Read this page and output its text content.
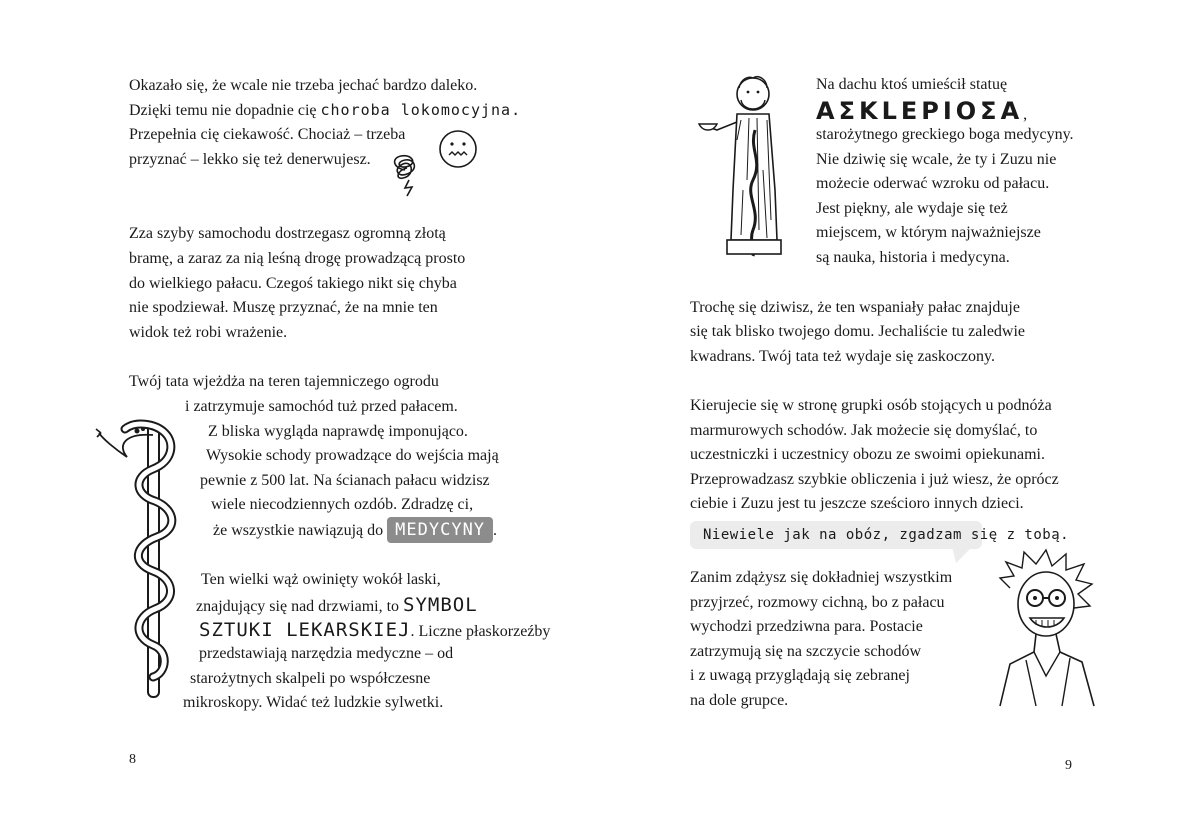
Okazało się, że wcale nie trzeba jechać bardzo daleko.
Dzięki temu nie dopadnie cię choroba lokomocyjna.
Przepełnia cię ciekawość. Chociaż – trzeba
przyznać – lekko się też denerwujesz.
Zza szyby samochodu dostrzegasz ogromną złotą
bramę, a zaraz za nią leśną drogę prowadzącą prosto
do wielkiego pałacu. Czegoś takiego nikt się chyba
nie spodziewał. Muszę przyznać, że na mnie ten
widok też robi wrażenie.
Twój tata wjeżdża na teren tajemniczego ogrodu
i zatrzymuje samochód tuż przed pałacem.
Z bliska wygląda naprawdę imponująco.
Wysokie schody prowadzące do wejścia mają
pewnie z 500 lat. Na ścianach pałacu widzisz
wiele niecodziennych ozdób. Zdradzę ci,
że wszystkie nawiązują do MEDYCYNY .
Ten wielki wąż owinięty wokół laski,
znajdujący się nad drzwiami, to SYMBOL
SZTUKI LEKARSKIEJ. Liczne płaskorzeźby
przedstawiają narzędzia medyczne – od
starożytnych skalpeli po współczesne
mikroskopy. Widać też ludzkie sylwetki.
8
Na dachu ktoś umieścił statuę
ΑΣΚLΕΡΙΟΣΑ,
starożytnego greckiego boga medycyny.
Nie dziwię się wcale, że ty i Zuzu nie
możecie oderwać wzroku od pałacu.
Jest piękny, ale wydaje się też
miejscem, w którym najważniejsze
są nauka, historia i medycyna.
Trochę się dziwisz, że ten wspaniały pałac znajduje
się tak blisko twojego domu. Jechaliście tu zaledwie
kwadrans. Twój tata też wydaje się zaskoczony.
Kierujecie się w stronę grupki osób stojących u podnóża
marmurowych schodów. Jak możecie się domyślać, to
uczestniczki i uczestnicy obozu ze swoimi opiekunami.
Przeprowadzasz szybkie obliczenia i już wiesz, że oprócz
ciebie i Zuzu jest tu jeszcze sześcioro innych dzieci.
Niewiele jak na obóz, zgadzam się z tobą.
Zanim zdążysz się dokładniej wszystkim
przyjrzeć, rozmowy cichną, bo z pałacu
wychodzi przedziwna para. Postacie
zatrzymują się na szczycie schodów
i z uwagą przyglądają się zebranej
na dole grupce.
9
